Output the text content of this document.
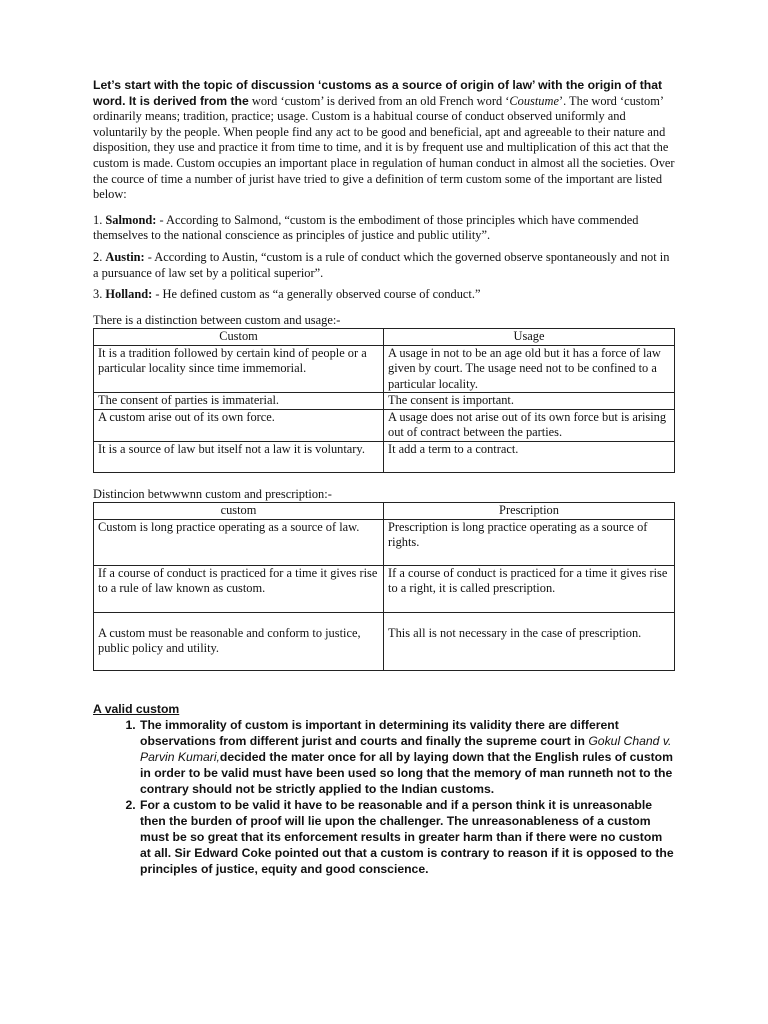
Let’s start with the topic of discussion ‘customs as a source of origin of law’ with the origin of that word. It is derived from the word ‘custom’ is derived from an old French word ‘Coustume’. The word ‘custom’ ordinarily means; tradition, practice; usage. Custom is a habitual course of conduct observed uniformly and voluntarily by the people. When people find any act to be good and beneficial, apt and agreeable to their nature and disposition, they use and practice it from time to time, and it is by frequent use and multiplication of this act that the custom is made. Custom occupies an important place in regulation of human conduct in almost all the societies. Over the cource of time a number of jurist have tried to give a definition of term custom some of the important are listed below:

1. Salmond: - According to Salmond, “custom is the embodiment of those principles which have commended themselves to the national conscience as principles of justice and public utility”.

2. Austin: - According to Austin, “custom is a rule of conduct which the governed observe spontaneously and not in a pursuance of law set by a political superior”.

3. Holland: - He defined custom as “a generally observed course of conduct.”

There is a distinction between custom and usage:-

Custom	Usage
It is a tradition followed by certain kind of people or a particular locality since time immemorial.	A usage in not to be an age old but it has a force of law given by court. The usage need not to be confined to a particular locality.
The consent of parties is immaterial.	The consent is important.
A custom arise out of its own force.	A usage does not arise out of its own force but is arising out of contract between the parties.
It is a source of law but itself not a law it is voluntary.	It add a term to a contract.

Distincion betwwwnn custom and prescription:-

custom	Prescription
Custom is long practice operating as a source of law.	Prescription is long practice operating as a source of rights.
If a course of conduct is practiced for a time it gives rise to a rule of law known as custom.	If a course of conduct is practiced for a time it gives rise to a right, it is called prescription.
A custom must be reasonable and conform to justice, public policy and utility.	This all is not necessary in the case of prescription.

A valid custom

1. The immorality of custom is important in determining its validity there are different observations from different jurist and courts and finally the supreme court in Gokul Chand v. Parvin Kumari,decided the mater once for all by laying down that the English rules of custom in order to be valid must have been used so long that the memory of man runneth not to the contrary should not be strictly applied to the Indian customs.
2. For a custom to be valid it have to be reasonable and if a person think it is unreasonable then the burden of proof will lie upon the challenger. The unreasonableness of a custom must be so great that its enforcement results in greater harm than if there were no custom at all. Sir Edward Coke pointed out that a custom is contrary to reason if it is opposed to the principles of justice, equity and good conscience.
